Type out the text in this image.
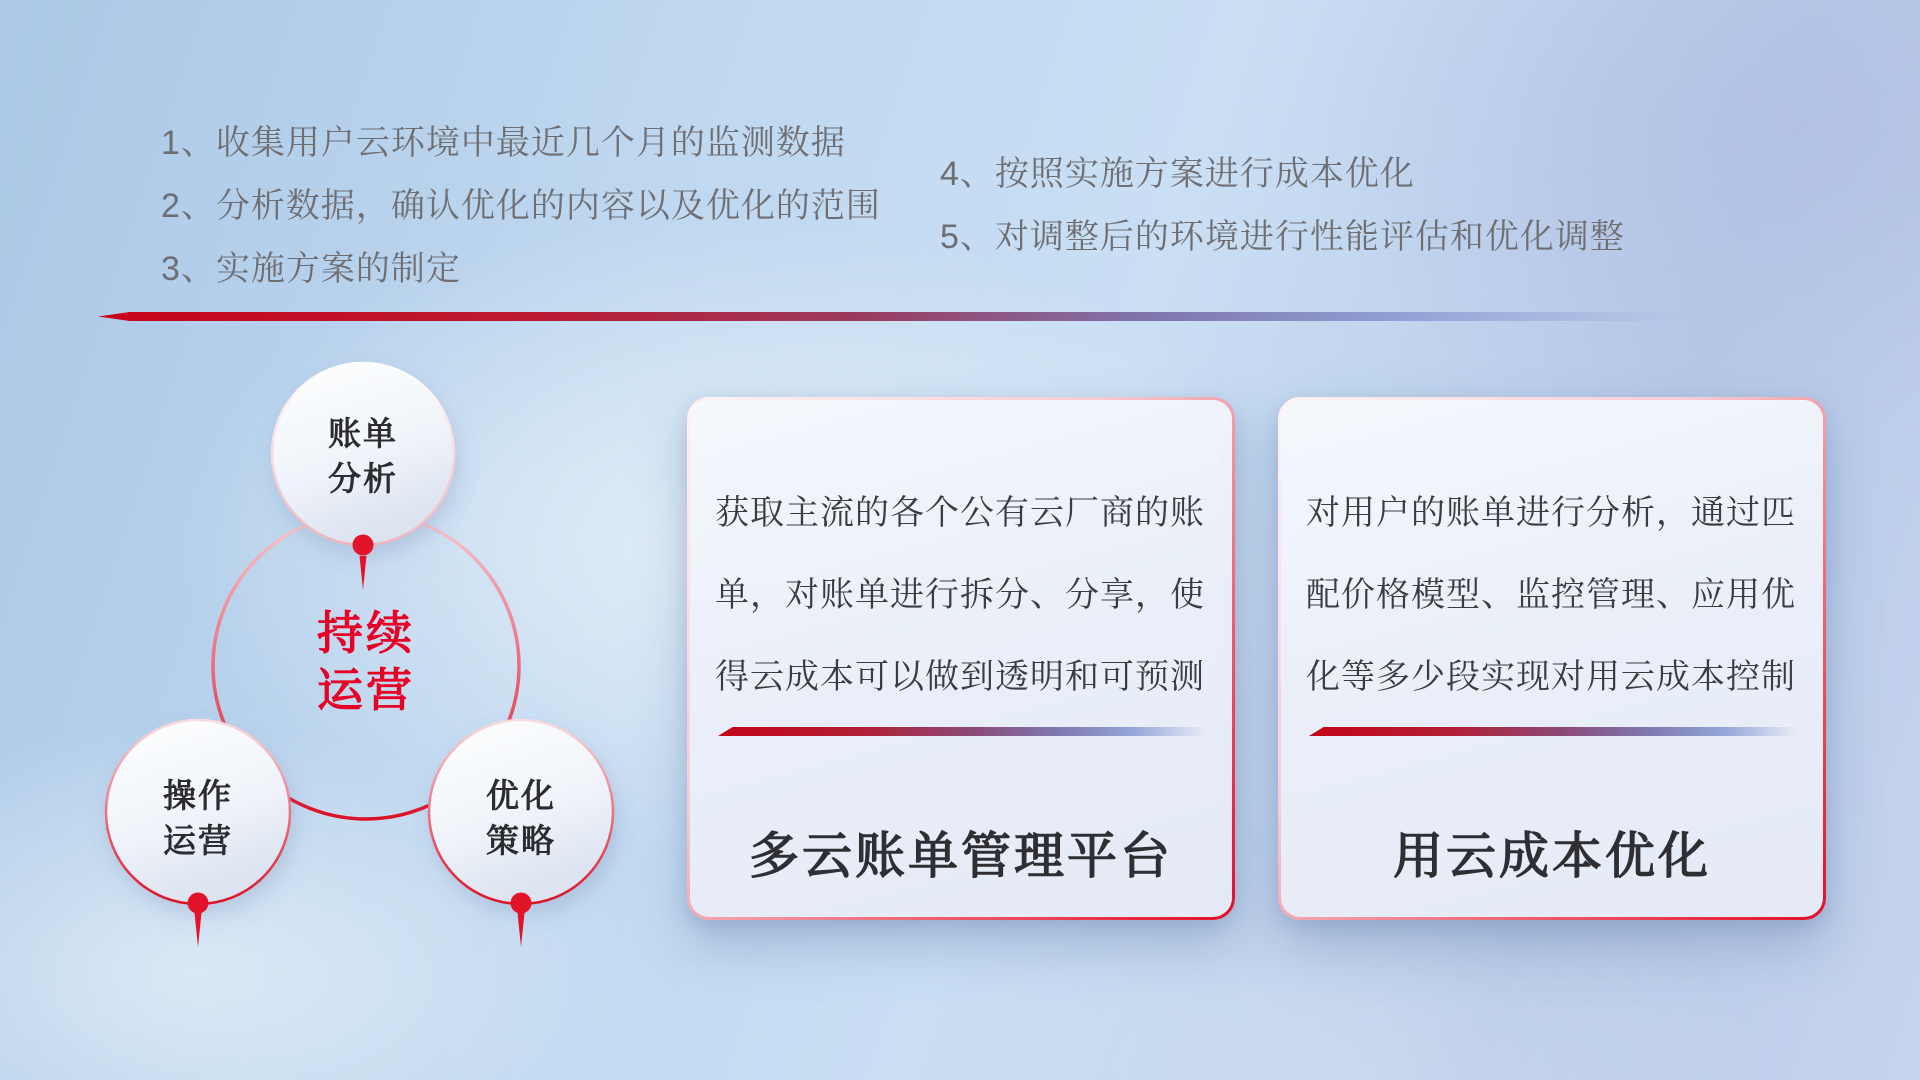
1、收集用户云环境中最近几个月的监测数据
2、分析数据，确认优化的内容以及优化的范围
3、实施方案的制定
4、按照实施方案进行成本优化
5、对调整后的环境进行性能评估和优化调整
账单
分析
持续
运营
操作
运营
优化
策略
获取主流的各个公有云厂商的账
单，对账单进行拆分、分享，使
得云成本可以做到透明和可预测
多云账单管理平台
对用户的账单进行分析，通过匹
配价格模型、监控管理、应用优
化等多少段实现对用云成本控制
用云成本优化
